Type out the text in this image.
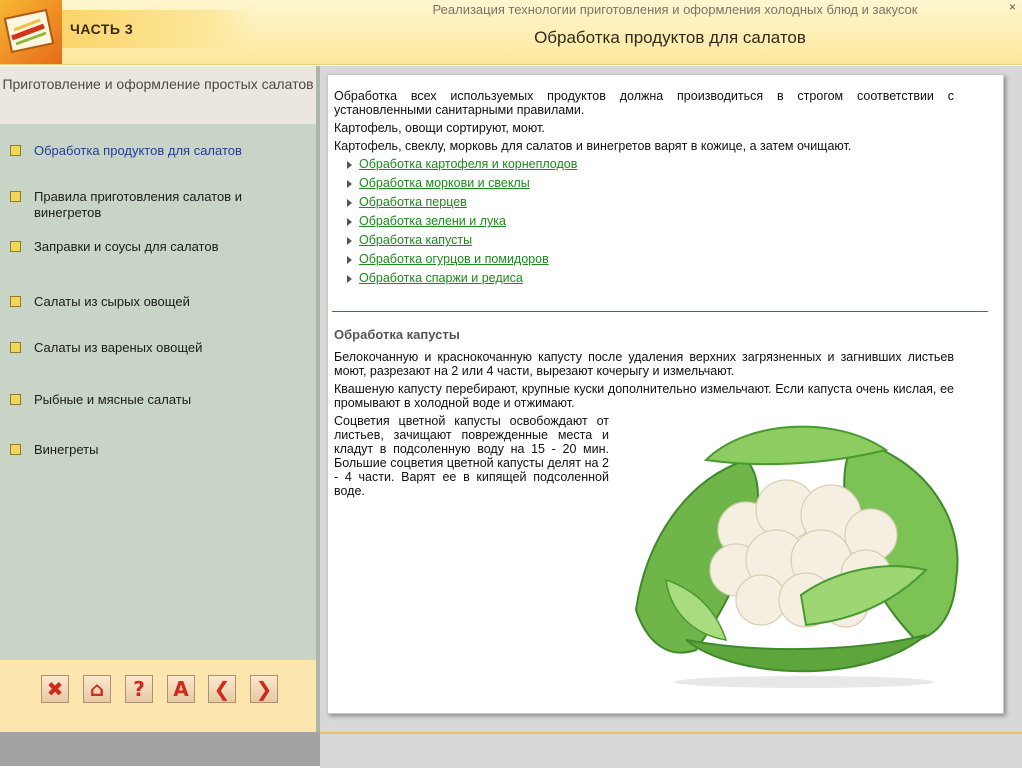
ЧАСТЬ 3
Реализация технологии приготовления и оформления холодных блюд и закусок
Обработка продуктов для салатов
×
Приготовление и оформление простых салатов
Обработка продуктов для салатов
Правила приготовления салатов и винегретов
Заправки и соусы для салатов
Салаты из сырых овощей
Салаты из вареных овощей
Рыбные и мясные салаты
Винегреты
✖ ⌂ ? A ❮ ❯

Обработка всех используемых продуктов должна производиться в строгом соответствии с установленными санитарными правилами.

Картофель, овощи сортируют, моют.

Картофель, свеклу, морковь для салатов и винегретов варят в кожице, а затем очищают.

Обработка картофеля и корнеплодов
Обработка моркови и свеклы
Обработка перцев
Обработка зелени и лука
Обработка капусты
Обработка огурцов и помидоров
Обработка спаржи и редиса
Обработка капусты

Белокочанную и краснокочанную капусту после удаления верхних загрязненных и загнивших листьев моют, разрезают на 2 или 4 части, вырезают кочерыгу и измельчают.

Квашеную капусту перебирают, крупные куски дополнительно измельчают. Если капуста очень кислая, ее промывают в холодной воде и отжимают.

Соцветия цветной капусты освобождают от листьев, зачищают поврежденные места и кладут в подсоленную воду на 15 - 20 мин. Большие соцветия цветной капусты делят на 2 - 4 части. Варят ее в кипящей подсоленной воде.
